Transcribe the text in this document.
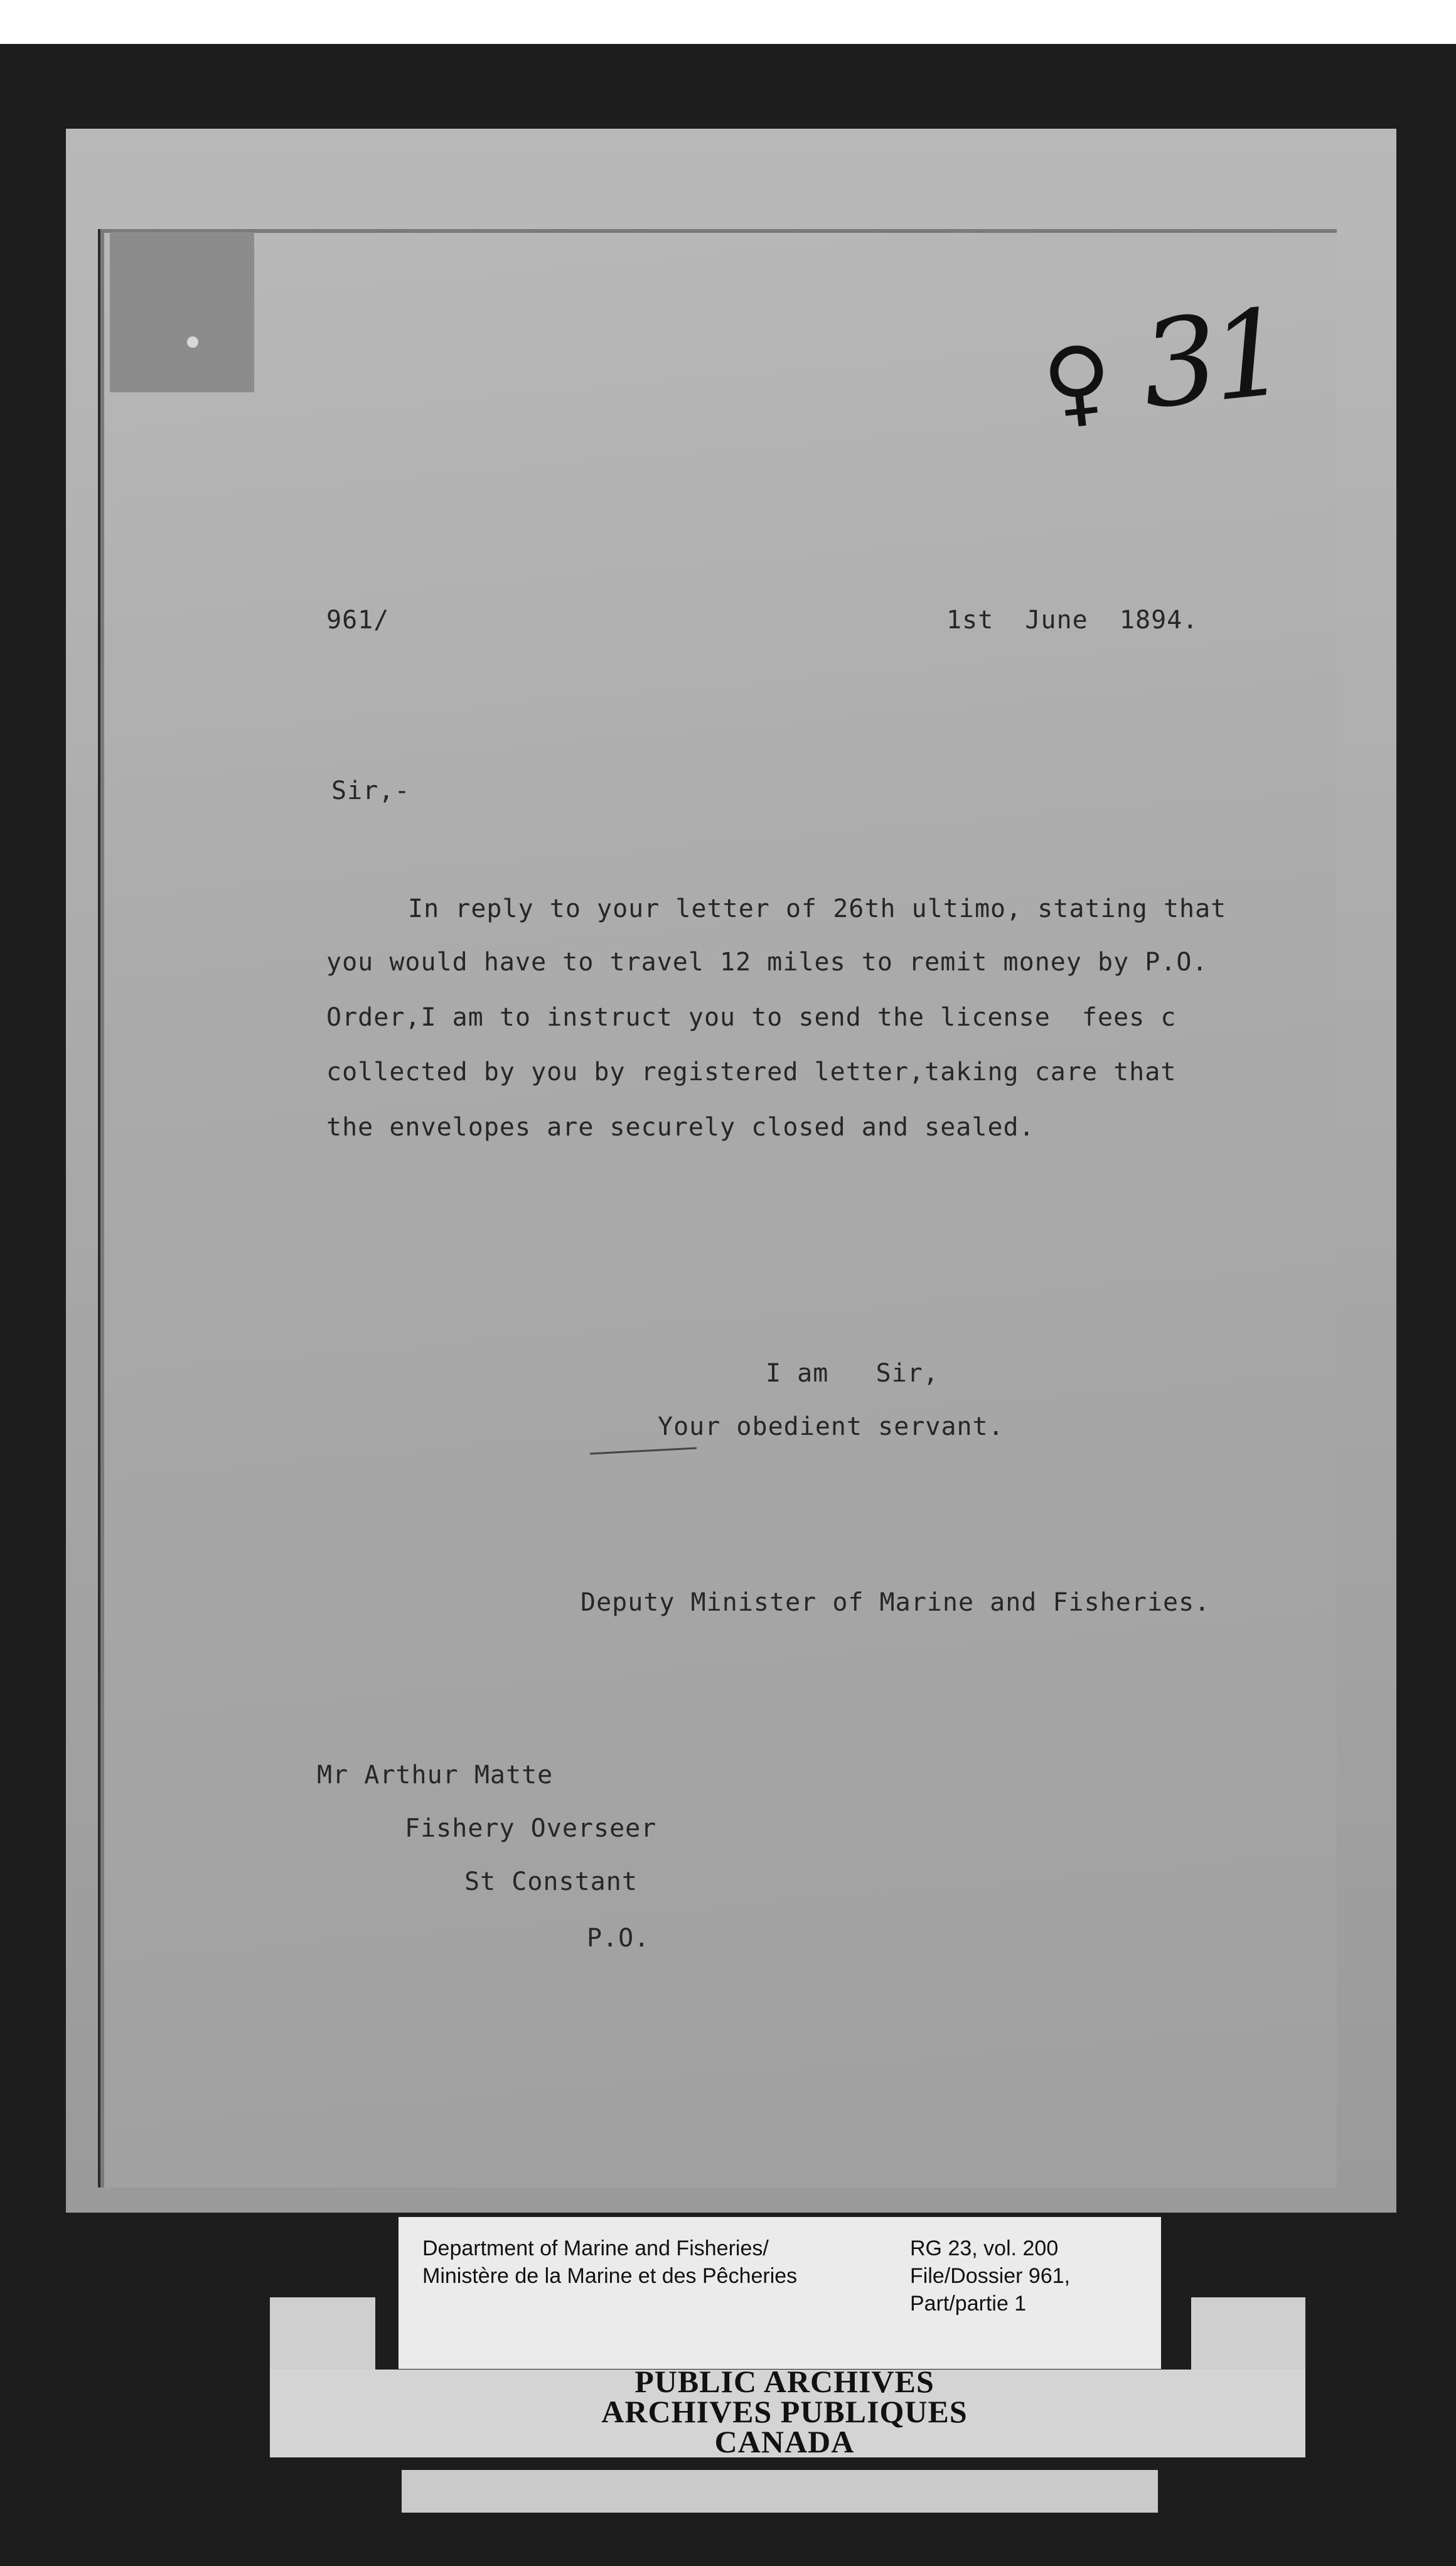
♀ 31
961/	1st  June  1894.
Sir,-
In reply to your letter of 26th ultimo, stating that
you would have to travel 12 miles to remit money by P.O.
Order,I am to instruct you to send the license  fees c
collected by you by registered letter,taking care that
the envelopes are securely closed and sealed.
I am   Sir,
Your obedient servant.
Deputy Minister of Marine and Fisheries.
Mr Arthur Matte
Fishery Overseer
St Constant
P.O.
Department of Marine and Fisheries/
Ministère de la Marine et des Pêcheries
RG 23, vol. 200
File/Dossier 961,
Part/partie 1
PUBLIC ARCHIVES
ARCHIVES PUBLIQUES
CANADA
